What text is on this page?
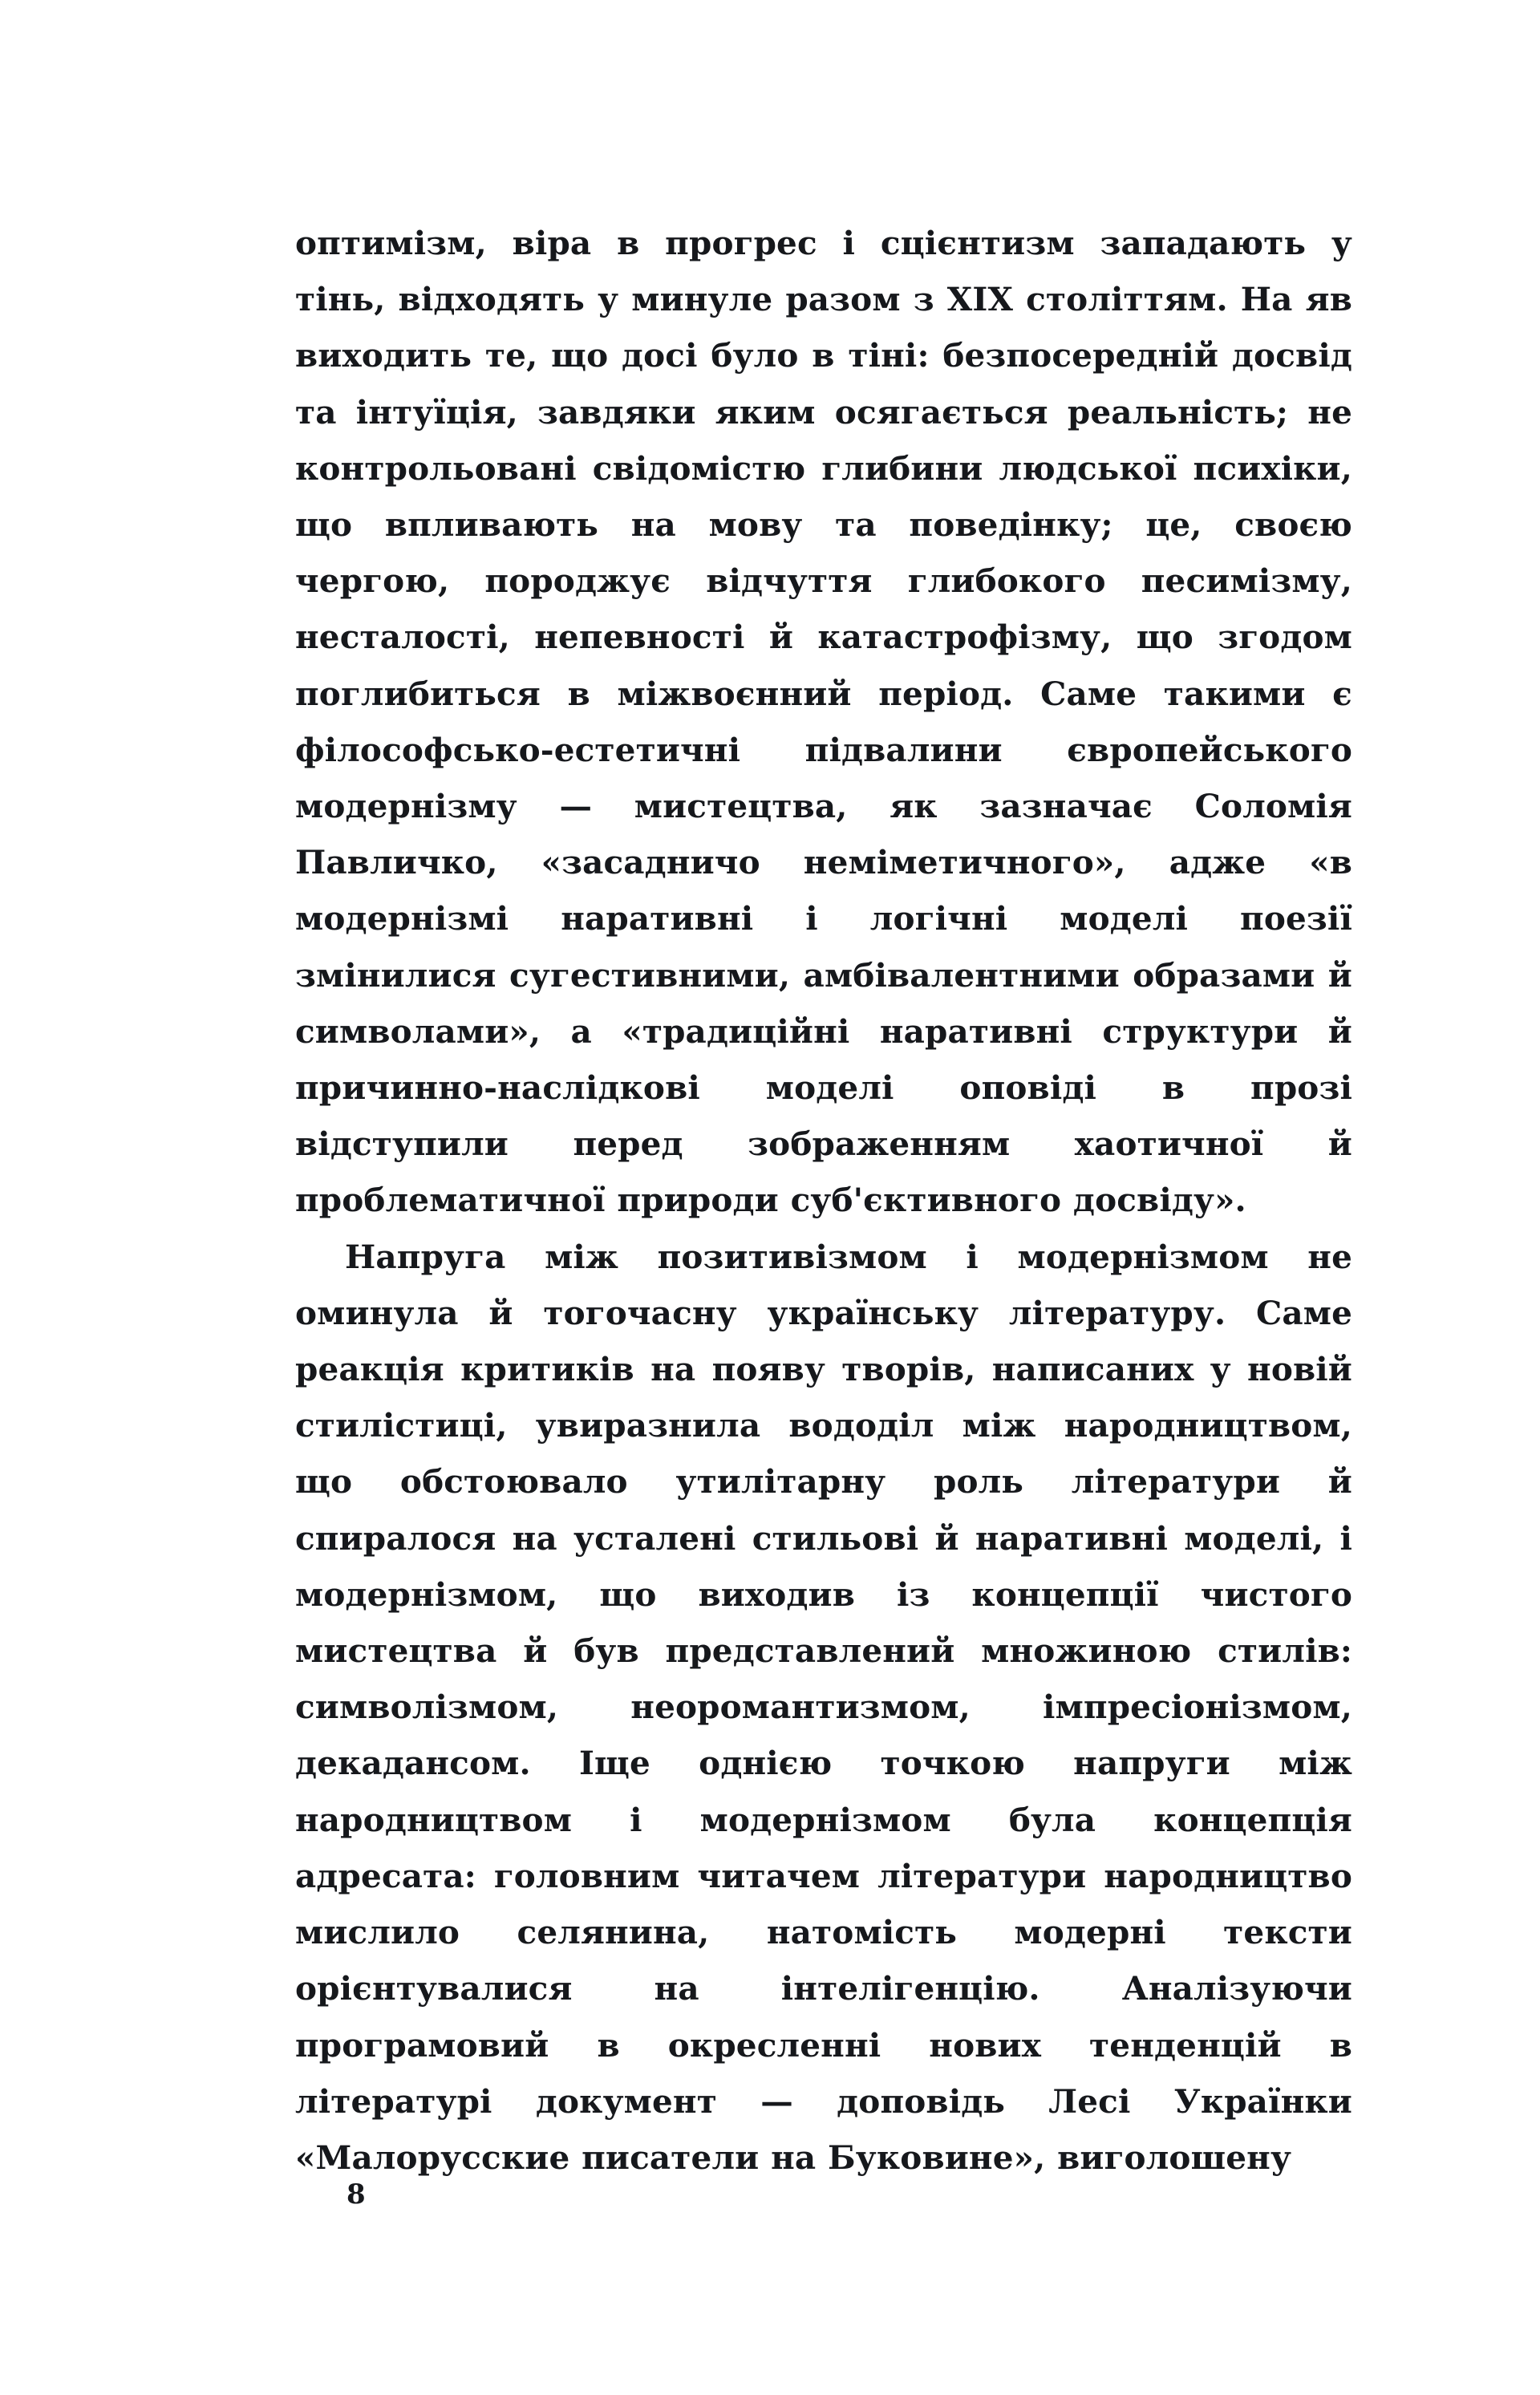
оптимізм, віра в прогрес і сцієнтизм западають у тінь, відходять у минуле разом з XIX століттям. На яв виходить те, що досі було в тіні: безпосередній досвід та інтуїція, завдяки яким осягається реальність; не контрольовані свідомістю глибини людської психіки, що впливають на мову та поведінку; це, своєю чергою, породжує відчуття глибокого песимізму, несталості, непевності й катастрофізму, що згодом поглибиться в міжвоєнний період. Саме такими є філософсько-естетичні підвалини європейського модернізму — мистецтва, як зазначає Соломія Павличко, «засадничо неміметичного», адже «в модернізмі наративні і логічні моделі поезії змінилися сугестивними, амбівалентними образами й символами», а «традиційні наративні структури й причинно-наслідкові моделі оповіді в прозі відступили перед зображенням хаотичної й проблематичної природи суб'єктивного досвіду».

Напруга між позитивізмом і модернізмом не оминула й тогочасну українську літературу. Саме реакція критиків на появу творів, написаних у новій стилістиці, увиразнила вододіл між народництвом, що обстоювало утилітарну роль літератури й спиралося на усталені стильові й наративні моделі, і модернізмом, що виходив із концепції чистого мистецтва й був представлений множиною стилів: символізмом, неоромантизмом, імпресіонізмом, декадансом. Іще однією точкою напруги між народництвом і модернізмом була концепція адресата: головним читачем літератури народництво мислило селянина, натомість модерні тексти орієнтувалися на інтелігенцію. Аналізуючи програмовий в окресленні нових тенденцій в літературі документ — доповідь Лесі Українки «Малорусские писатели на Буковине», виголошену

8
